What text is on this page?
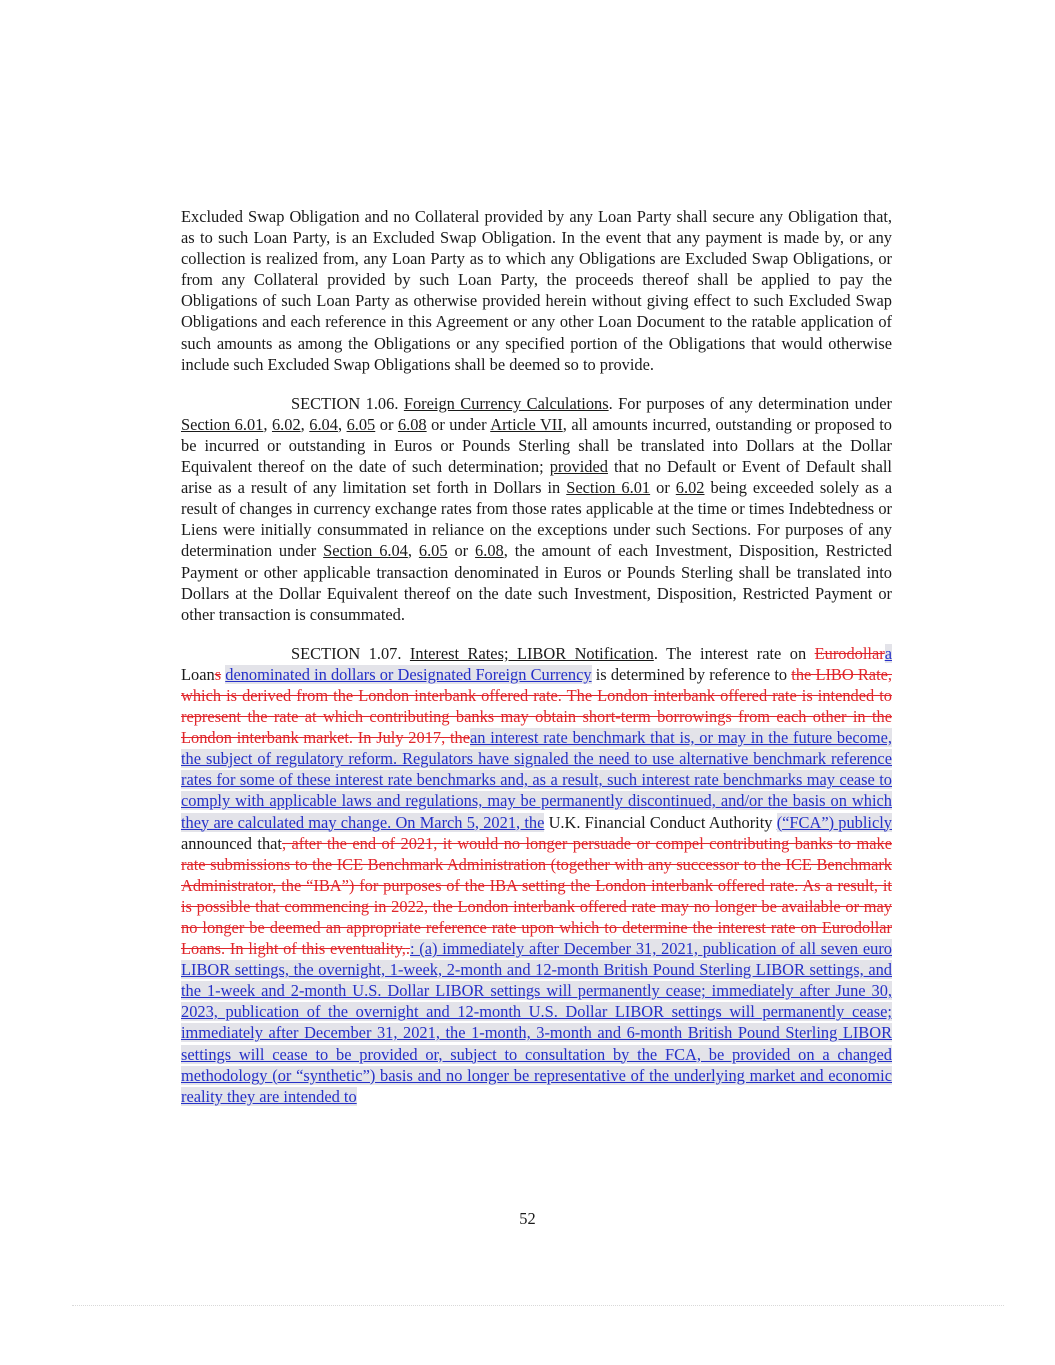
Excluded Swap Obligation and no Collateral provided by any Loan Party shall secure any Obligation that, as to such Loan Party, is an Excluded Swap Obligation. In the event that any payment is made by, or any collection is realized from, any Loan Party as to which any Obligations are Excluded Swap Obligations, or from any Collateral provided by such Loan Party, the proceeds thereof shall be applied to pay the Obligations of such Loan Party as otherwise provided herein without giving effect to such Excluded Swap Obligations and each reference in this Agreement or any other Loan Document to the ratable application of such amounts as among the Obligations or any specified portion of the Obligations that would otherwise include such Excluded Swap Obligations shall be deemed so to provide.

SECTION 1.06. Foreign Currency Calculations. For purposes of any determination under Section 6.01, 6.02, 6.04, 6.05 or 6.08 or under Article VII, all amounts incurred, outstanding or proposed to be incurred or outstanding in Euros or Pounds Sterling shall be translated into Dollars at the Dollar Equivalent thereof on the date of such determination; provided that no Default or Event of Default shall arise as a result of any limitation set forth in Dollars in Section 6.01 or 6.02 being exceeded solely as a result of changes in currency exchange rates from those rates applicable at the time or times Indebtedness or Liens were initially consummated in reliance on the exceptions under such Sections. For purposes of any determination under Section 6.04, 6.05 or 6.08, the amount of each Investment, Disposition, Restricted Payment or other applicable transaction denominated in Euros or Pounds Sterling shall be translated into Dollars at the Dollar Equivalent thereof on the date such Investment, Disposition, Restricted Payment or other transaction is consummated.

SECTION 1.07. Interest Rates; LIBOR Notification. The interest rate on Eurodollara Loans denominated in dollars or Designated Foreign Currency is determined by reference to the LIBO Rate, which is derived from the London interbank offered rate. The London interbank offered rate is intended to represent the rate at which contributing banks may obtain short-term borrowings from each other in the London interbank market. In July 2017, thean interest rate benchmark that is, or may in the future become, the subject of regulatory reform. Regulators have signaled the need to use alternative benchmark reference rates for some of these interest rate benchmarks and, as a result, such interest rate benchmarks may cease to comply with applicable laws and regulations, may be permanently discontinued, and/or the basis on which they are calculated may change. On March 5, 2021, the U.K. Financial Conduct Authority (“FCA”) publicly announced that, after the end of 2021, it would no longer persuade or compel contributing banks to make rate submissions to the ICE Benchmark Administration (together with any successor to the ICE Benchmark Administrator, the “IBA”) for purposes of the IBA setting the London interbank offered rate. As a result, it is possible that commencing in 2022, the London interbank offered rate may no longer be available or may no longer be deemed an appropriate reference rate upon which to determine the interest rate on Eurodollar Loans. In light of this eventuality,.: (a) immediately after December 31, 2021, publication of all seven euro LIBOR settings, the overnight, 1-week, 2-month and 12-month British Pound Sterling LIBOR settings, and the 1-week and 2-month U.S. Dollar LIBOR settings will permanently cease; immediately after June 30, 2023, publication of the overnight and 12-month U.S. Dollar LIBOR settings will permanently cease; immediately after December 31, 2021, the 1-month, 3-month and 6-month British Pound Sterling LIBOR settings will cease to be provided or, subject to consultation by the FCA, be provided on a changed methodology (or “synthetic”) basis and no longer be representative of the underlying market and economic reality they are intended to

52
